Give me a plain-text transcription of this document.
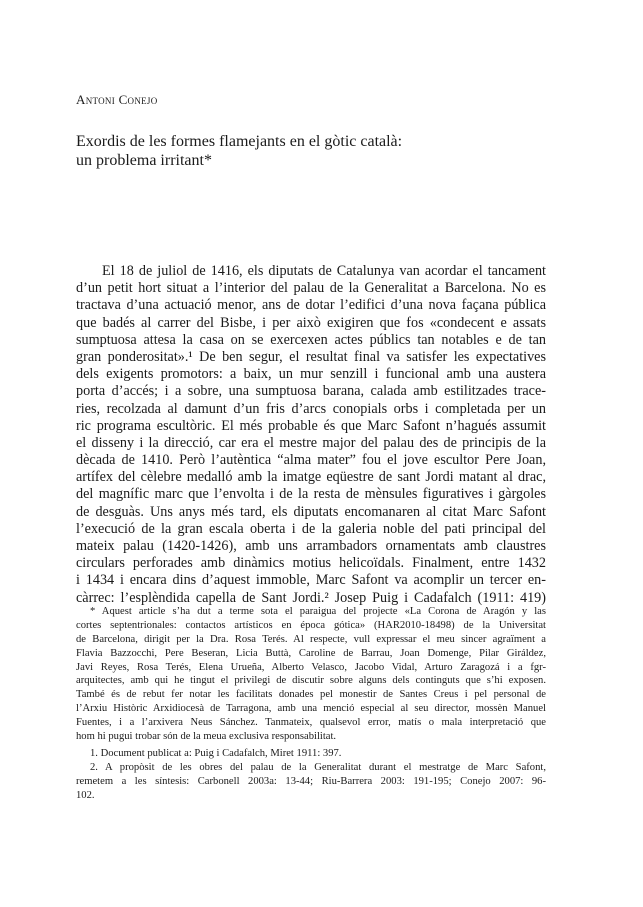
Antoni Conejo
Exordis de les formes flamejants en el gòtic català:
un problema irritant*
El 18 de juliol de 1416, els diputats de Catalunya van acordar el tancament
d’un petit hort situat a l’interior del palau de la Generalitat a Barcelona. No es
tractava d’una actuació menor, ans de dotar l’edifici d’una nova façana pública
que badés al carrer del Bisbe, i per això exigiren que fos «condecent e assats
sumptuosa attesa la casa on se exercexen actes públics tan notables e de tan
gran ponderositat».¹ De ben segur, el resultat final va satisfer les expectatives
dels exigents promotors: a baix, un mur senzill i funcional amb una austera
porta d’accés; i a sobre, una sumptuosa barana, calada amb estilitzades trace-
ries, recolzada al damunt d’un fris d’arcs conopials orbs i completada per un
ric programa escultòric. El més probable és que Marc Safont n’hagués assumit
el disseny i la direcció, car era el mestre major del palau des de principis de la
dècada de 1410. Però l’autèntica “alma mater” fou el jove escultor Pere Joan,
artífex del cèlebre medalló amb la imatge eqüestre de sant Jordi matant al drac,
del magnífic marc que l’envolta i de la resta de mènsules figuratives i gàrgoles
de desguàs. Uns anys més tard, els diputats encomanaren al citat Marc Safont
l’execució de la gran escala oberta i de la galeria noble del pati principal del
mateix palau (1420-1426), amb uns arrambadors ornamentats amb claustres
circulars perforades amb dinàmics motius helicoïdals. Finalment, entre 1432
i 1434 i encara dins d’aquest immoble, Marc Safont va acomplir un tercer en-
càrrec: l’esplèndida capella de Sant Jordi.² Josep Puig i Cadafalch (1911: 419)
* Aquest article s’ha dut a terme sota el paraigua del projecte «La Corona de Aragón y las
cortes septentrionales: contactos artísticos en época gótica» (HAR2010-18498) de la Universitat
de Barcelona, dirigit per la Dra. Rosa Terés. Al respecte, vull expressar el meu sincer agraïment a
Flavia Bazzocchi, Pere Beseran, Licia Buttà, Caroline de Barrau, Joan Domenge, Pilar Giráldez,
Javi Reyes, Rosa Terés, Elena Urueña, Alberto Velasco, Jacobo Vidal, Arturo Zaragozá i a fgr-
arquitectes, amb qui he tingut el privilegi de discutir sobre alguns dels continguts que s’hi exposen.
També és de rebut fer notar les facilitats donades pel monestir de Santes Creus i pel personal de
l’Arxiu Històric Arxidiocesà de Tarragona, amb una menció especial al seu director, mossèn Manuel
Fuentes, i a l’arxivera Neus Sánchez. Tanmateix, qualsevol error, matís o mala interpretació que
hom hi pugui trobar són de la meua exclusiva responsabilitat.
1. Document publicat a: Puig i Cadafalch, Miret 1911: 397.
2. A propòsit de les obres del palau de la Generalitat durant el mestratge de Marc Safont,
remetem a les síntesis: Carbonell 2003a: 13-44; Riu-Barrera 2003: 191-195; Conejo 2007: 96-
102.
